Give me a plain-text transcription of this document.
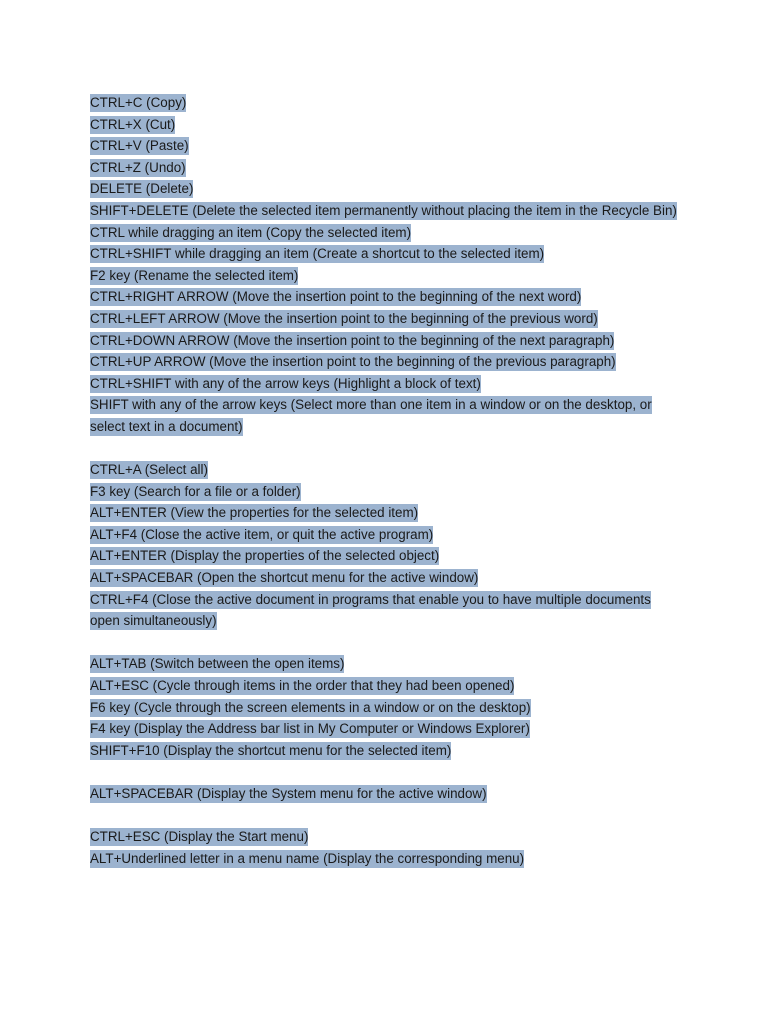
CTRL+C (Copy)
CTRL+X (Cut)
CTRL+V (Paste)
CTRL+Z (Undo)
DELETE (Delete)
SHIFT+DELETE (Delete the selected item permanently without placing the item in the Recycle Bin)
CTRL while dragging an item (Copy the selected item)
CTRL+SHIFT while dragging an item (Create a shortcut to the selected item)
F2 key (Rename the selected item)
CTRL+RIGHT ARROW (Move the insertion point to the beginning of the next word)
CTRL+LEFT ARROW (Move the insertion point to the beginning of the previous word)
CTRL+DOWN ARROW (Move the insertion point to the beginning of the next paragraph)
CTRL+UP ARROW (Move the insertion point to the beginning of the previous paragraph)
CTRL+SHIFT with any of the arrow keys (Highlight a block of text)
SHIFT with any of the arrow keys (Select more than one item in a window or on the desktop, or select text in a document)
CTRL+A (Select all)
F3 key (Search for a file or a folder)
ALT+ENTER (View the properties for the selected item)
ALT+F4 (Close the active item, or quit the active program)
ALT+ENTER (Display the properties of the selected object)
ALT+SPACEBAR (Open the shortcut menu for the active window)
CTRL+F4 (Close the active document in programs that enable you to have multiple documents open simultaneously)
ALT+TAB (Switch between the open items)
ALT+ESC (Cycle through items in the order that they had been opened)
F6 key (Cycle through the screen elements in a window or on the desktop)
F4 key (Display the Address bar list in My Computer or Windows Explorer)
SHIFT+F10 (Display the shortcut menu for the selected item)
ALT+SPACEBAR (Display the System menu for the active window)
CTRL+ESC (Display the Start menu)
ALT+Underlined letter in a menu name (Display the corresponding menu)
